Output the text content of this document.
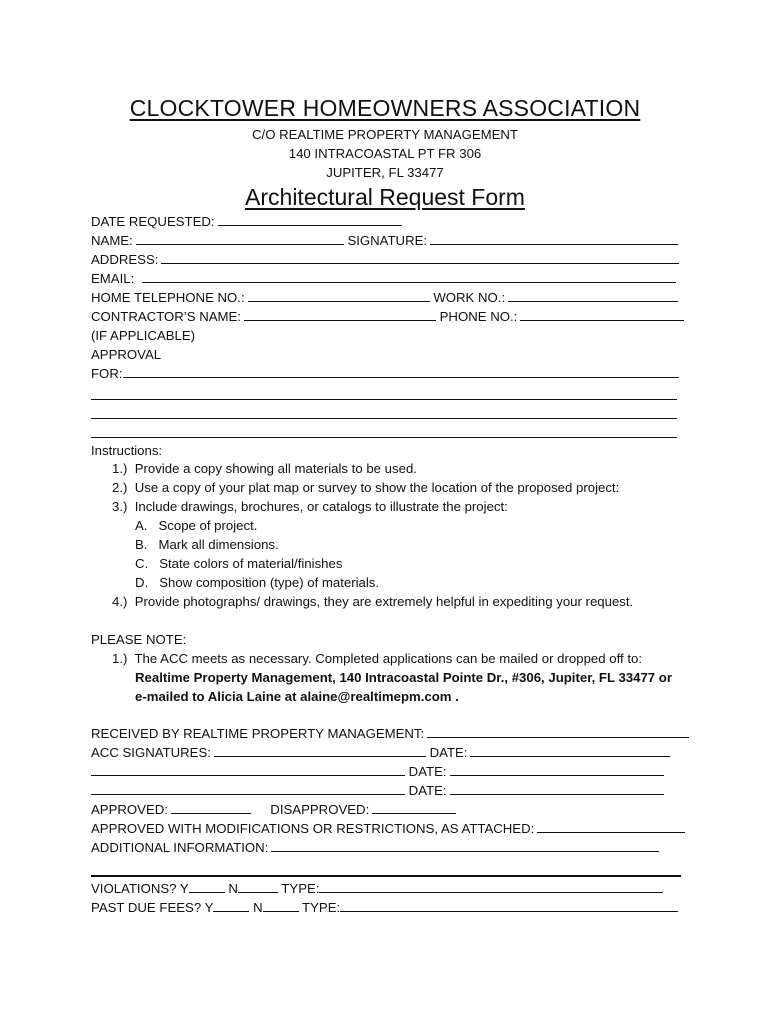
CLOCKTOWER HOMEOWNERS ASSOCIATION
C/O REALTIME PROPERTY MANAGEMENT
140 INTRACOASTAL PT FR 306
JUPITER, FL 33477
Architectural Request Form
DATE REQUESTED:
NAME:	SIGNATURE:
ADDRESS:
EMAIL:
HOME TELEPHONE NO.:	WORK NO.:
CONTRACTOR’S NAME:	PHONE NO.:
(IF APPLICABLE)
APPROVAL
FOR:
Instructions:
1.) Provide a copy showing all materials to be used.
2.) Use a copy of your plat map or survey to show the location of the proposed project:
3.) Include drawings, brochures, or catalogs to illustrate the project:
A. Scope of project.
B. Mark all dimensions.
C. State colors of material/finishes
D. Show composition (type) of materials.
4.) Provide photographs/ drawings, they are extremely helpful in expediting your request.
PLEASE NOTE:
1.) The ACC meets as necessary. Completed applications can be mailed or dropped off to:
Realtime Property Management, 140 Intracoastal Pointe Dr., #306, Jupiter, FL 33477 or
e-mailed to Alicia Laine at alaine@realtimepm.com .
RECEIVED BY REALTIME PROPERTY MANAGEMENT:
ACC SIGNATURES:	DATE:
DATE:
DATE:
APPROVED:	DISAPPROVED:
APPROVED WITH MODIFICATIONS OR RESTRICTIONS, AS ATTACHED:
ADDITIONAL INFORMATION:
VIOLATIONS? Y	N	TYPE:
PAST DUE FEES? Y	N	TYPE:
